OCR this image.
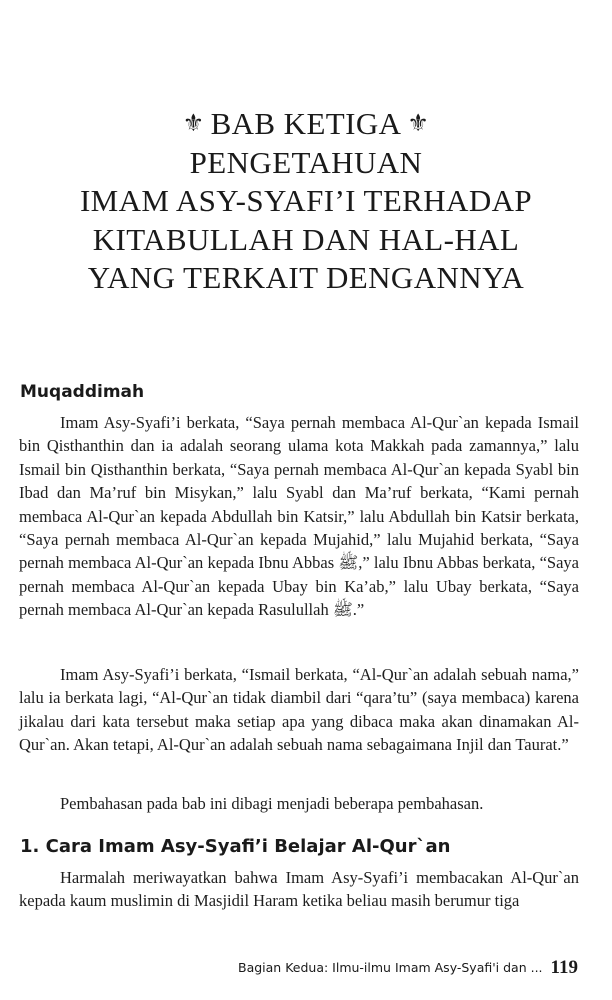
⚜ BAB KETIGA ⚜
PENGETAHUAN
IMAM ASY-SYAFI’I TERHADAP
KITABULLAH DAN HAL-HAL
YANG TERKAIT DENGANNYA
Muqaddimah

Imam Asy-Syafi’i berkata, “Saya pernah membaca Al-Qur`an kepada Ismail bin Qisthanthin dan ia adalah seorang ulama kota Makkah pada zamannya,” lalu Ismail bin Qisthanthin berkata, “Saya pernah membaca Al-Qur`an kepada Syabl bin Ibad dan Ma’ruf bin Misykan,” lalu Syabl dan Ma’ruf berkata, “Kami pernah membaca Al-Qur`an kepada Abdullah bin Katsir,” lalu Abdullah bin Katsir berkata, “Saya pernah membaca Al-Qur`an kepada Mujahid,” lalu Mujahid berkata, “Saya pernah membaca Al-Qur`an kepada Ibnu Abbas ﷺ,” lalu Ibnu Abbas berkata, “Saya pernah membaca Al-Qur`an kepada Ubay bin Ka’ab,” lalu Ubay berkata, “Saya pernah membaca Al-Qur`an kepada Rasulullah ﷺ.”

Imam Asy-Syafi’i berkata, “Ismail berkata, “Al-Qur`an adalah sebuah nama,” lalu ia berkata lagi, “Al-Qur`an tidak diambil dari “qara’tu” (saya membaca) karena jikalau dari kata tersebut maka setiap apa yang dibaca maka akan dinamakan Al-Qur`an. Akan tetapi, Al-Qur`an adalah sebuah nama sebagaimana Injil dan Taurat.”

Pembahasan pada bab ini dibagi menjadi beberapa pembahasan.

1. Cara Imam Asy-Syafi’i Belajar Al-Qur`an

Harmalah meriwayatkan bahwa Imam Asy-Syafi’i membacakan Al-Qur`an kepada kaum muslimin di Masjidil Haram ketika beliau masih berumur tiga

Bagian Kedua: Ilmu-ilmu Imam Asy-Syafi'i dan ... 119
